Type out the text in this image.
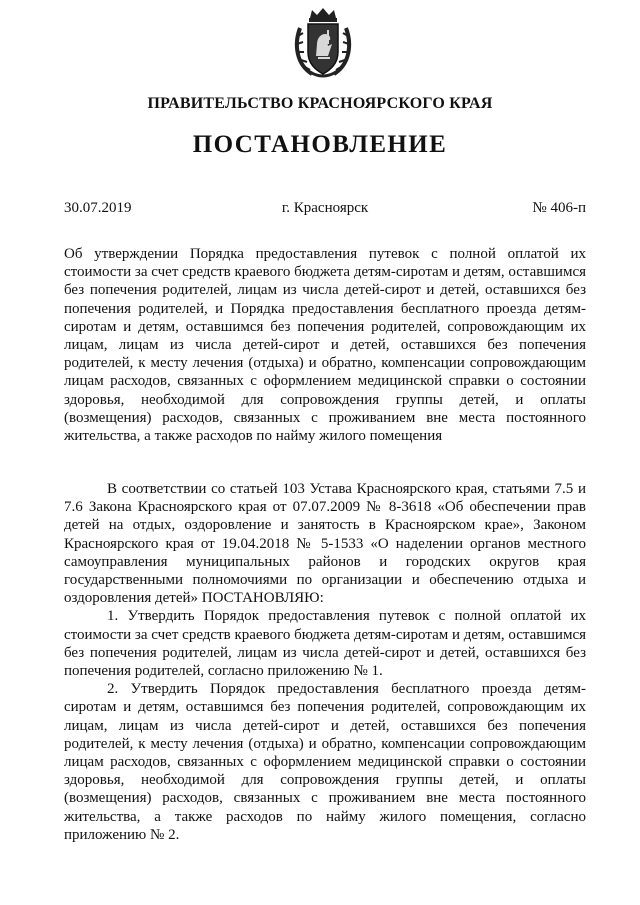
ПРАВИТЕЛЬСТВО КРАСНОЯРСКОГО КРАЯ
ПОСТАНОВЛЕНИЕ
30.07.2019	г. Красноярск	№ 406-п
Об утверждении Порядка предоставления путевок с полной оплатой их стоимости за счет средств краевого бюджета детям-сиротам и детям, оставшимся без попечения родителей, лицам из числа детей-сирот и детей, оставшихся без попечения родителей, и Порядка предоставления бесплатного проезда детям-сиротам и детям, оставшимся без попечения родителей, сопровождающим их лицам, лицам из числа детей-сирот и детей, оставшихся без попечения родителей, к месту лечения (отдыха) и обратно, компенсации сопровождающим лицам расходов, связанных с оформлением медицинской справки о состоянии здоровья, необходимой для сопровождения группы детей, и оплаты (возмещения) расходов, связанных с проживанием вне места постоянного жительства, а также расходов по найму жилого помещения

В соответствии со статьей 103 Устава Красноярского края, статьями 7.5 и 7.6 Закона Красноярского края от 07.07.2009 № 8-3618 «Об обеспечении прав детей на отдых, оздоровление и занятость в Красноярском крае», Законом Красноярского края от 19.04.2018 № 5-1533 «О наделении органов местного самоуправления муниципальных районов и городских округов края государственными полномочиями по организации и обеспечению отдыха и оздоровления детей» ПОСТАНОВЛЯЮ:

1. Утвердить Порядок предоставления путевок с полной оплатой их стоимости за счет средств краевого бюджета детям-сиротам и детям, оставшимся без попечения родителей, лицам из числа детей-сирот и детей, оставшихся без попечения родителей, согласно приложению № 1.

2. Утвердить Порядок предоставления бесплатного проезда детям-сиротам и детям, оставшимся без попечения родителей, сопровождающим их лицам, лицам из числа детей-сирот и детей, оставшихся без попечения родителей, к месту лечения (отдыха) и обратно, компенсации сопровождающим лицам расходов, связанных с оформлением медицинской справки о состоянии здоровья, необходимой для сопровождения группы детей, и оплаты (возмещения) расходов, связанных с проживанием вне места постоянного жительства, а также расходов по найму жилого помещения, согласно приложению № 2.
